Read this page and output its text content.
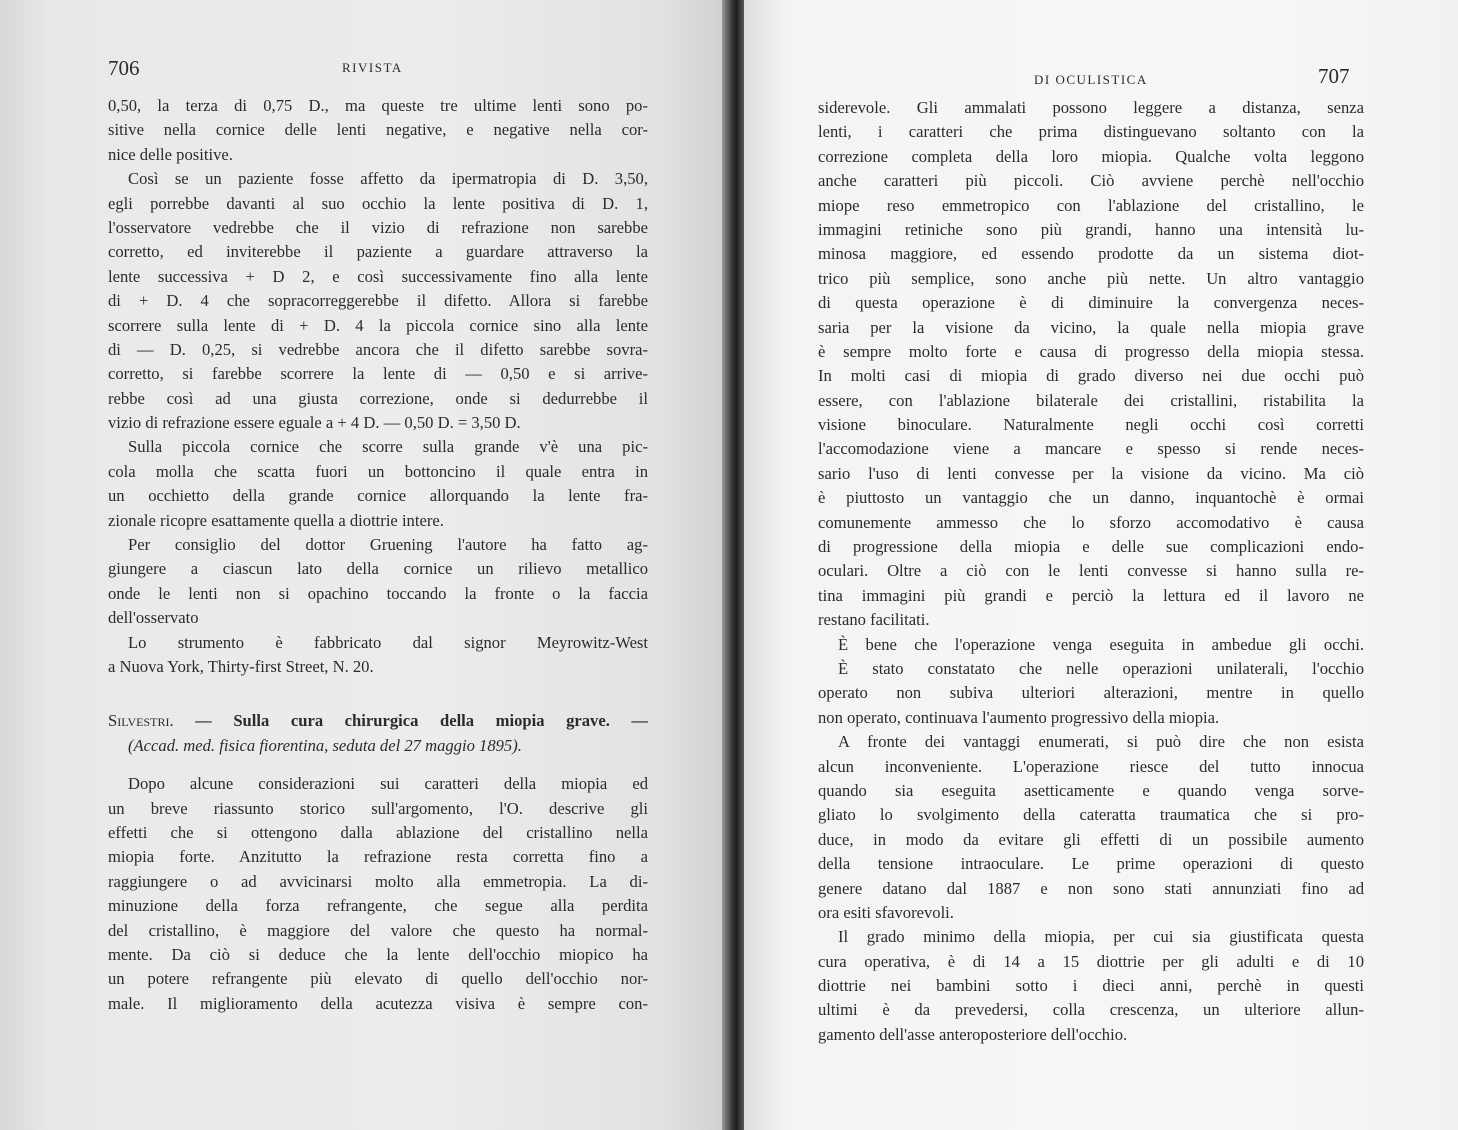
706	RIVISTA
0,50, la terza di 0,75 D., ma queste tre ultime lenti sono po-
sitive nella cornice delle lenti negative, e negative nella cor-
nice delle positive.
Così se un paziente fosse affetto da ipermatropia di D. 3,50,
egli porrebbe davanti al suo occhio la lente positiva di D. 1,
l'osservatore vedrebbe che il vizio di refrazione non sarebbe
corretto, ed inviterebbe il paziente a guardare attraverso la
lente successiva + D 2, e così successivamente fino alla lente
di + D. 4 che sopracorreggerebbe il difetto. Allora si farebbe
scorrere sulla lente di + D. 4 la piccola cornice sino alla lente
di — D. 0,25, si vedrebbe ancora che il difetto sarebbe sovra-
corretto, si farebbe scorrere la lente di — 0,50 e si arrive-
rebbe così ad una giusta correzione, onde si dedurrebbe il
vizio di refrazione essere eguale a + 4 D. — 0,50 D. = 3,50 D.
Sulla piccola cornice che scorre sulla grande v'è una pic-
cola molla che scatta fuori un bottoncino il quale entra in
un occhietto della grande cornice allorquando la lente fra-
zionale ricopre esattamente quella a diottrie intere.
Per consiglio del dottor Gruening l'autore ha fatto ag-
giungere a ciascun lato della cornice un rilievo metallico
onde le lenti non si opachino toccando la fronte o la faccia
dell'osservato
Lo strumento è fabbricato dal signor Meyrowitz-West
a Nuova York, Thirty-first Street, N. 20.
Silvestri. — Sulla cura chirurgica della miopia grave. —
(Accad. med. fisica fiorentina, seduta del 27 maggio 1895).
Dopo alcune considerazioni sui caratteri della miopia ed
un breve riassunto storico sull'argomento, l'O. descrive gli
effetti che si ottengono dalla ablazione del cristallino nella
miopia forte. Anzitutto la refrazione resta corretta fino a
raggiungere o ad avvicinarsi molto alla emmetropia. La di-
minuzione della forza refrangente, che segue alla perdita
del cristallino, è maggiore del valore che questo ha normal-
mente. Da ciò si deduce che la lente dell'occhio miopico ha
un potere refrangente più elevato di quello dell'occhio nor-
male. Il miglioramento della acutezza visiva è sempre con-
DI OCULISTICA	707
siderevole. Gli ammalati possono leggere a distanza, senza
lenti, i caratteri che prima distinguevano soltanto con la
correzione completa della loro miopia. Qualche volta leggono
anche caratteri più piccoli. Ciò avviene perchè nell'occhio
miope reso emmetropico con l'ablazione del cristallino, le
immagini retiniche sono più grandi, hanno una intensità lu-
minosa maggiore, ed essendo prodotte da un sistema diot-
trico più semplice, sono anche più nette. Un altro vantaggio
di questa operazione è di diminuire la convergenza neces-
saria per la visione da vicino, la quale nella miopia grave
è sempre molto forte e causa di progresso della miopia stessa.
In molti casi di miopia di grado diverso nei due occhi può
essere, con l'ablazione bilaterale dei cristallini, ristabilita la
visione binoculare. Naturalmente negli occhi così corretti
l'accomodazione viene a mancare e spesso si rende neces-
sario l'uso di lenti convesse per la visione da vicino. Ma ciò
è piuttosto un vantaggio che un danno, inquantochè è ormai
comunemente ammesso che lo sforzo accomodativo è causa
di progressione della miopia e delle sue complicazioni endo-
oculari. Oltre a ciò con le lenti convesse si hanno sulla re-
tina immagini più grandi e perciò la lettura ed il lavoro ne
restano facilitati.
È bene che l'operazione venga eseguita in ambedue gli occhi.
È stato constatato che nelle operazioni unilaterali, l'occhio
operato non subiva ulteriori alterazioni, mentre in quello
non operato, continuava l'aumento progressivo della miopia.
A fronte dei vantaggi enumerati, si può dire che non esista
alcun inconveniente. L'operazione riesce del tutto innocua
quando sia eseguita asetticamente e quando venga sorve-
gliato lo svolgimento della cateratta traumatica che si pro-
duce, in modo da evitare gli effetti di un possibile aumento
della tensione intraoculare. Le prime operazioni di questo
genere datano dal 1887 e non sono stati annunziati fino ad
ora esiti sfavorevoli.
Il grado minimo della miopia, per cui sia giustificata questa
cura operativa, è di 14 a 15 diottrie per gli adulti e di 10
diottrie nei bambini sotto i dieci anni, perchè in questi
ultimi è da prevedersi, colla crescenza, un ulteriore allun-
gamento dell'asse anteroposteriore dell'occhio.
